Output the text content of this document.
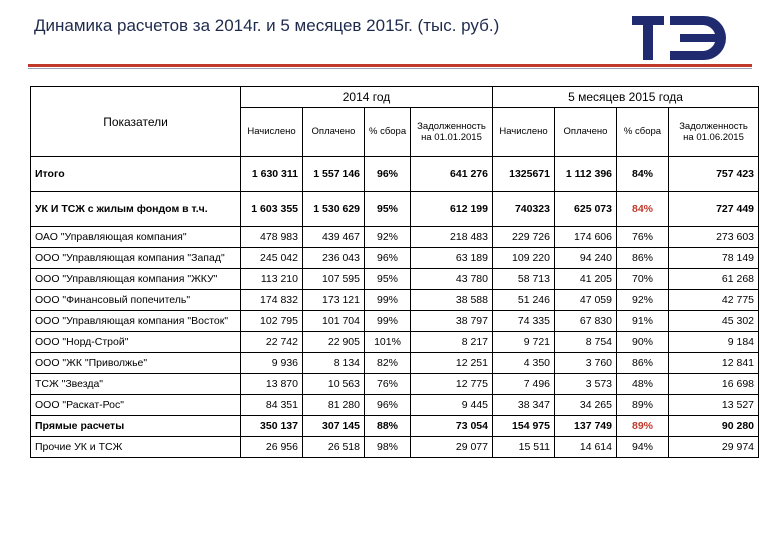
Динамика расчетов за 2014г. и 5 месяцев 2015г. (тыс. руб.)
Показатели	2014 год				5 месяцев 2015 года			
	Начислено	Оплачено	% сбора	Задолженность на 01.01.2015	Начислено	Оплачено	% сбора	Задолженность на 01.06.2015
Итого	1 630 311	1 557 146	96%	641 276	1325671	1 112 396	84%	757 423
УК И ТСЖ с жилым фондом в т.ч.	1 603 355	1 530 629	95%	612 199	740323	625 073	84%	727 449
ОАО "Управляющая компания"	478 983	439 467	92%	218 483	229 726	174 606	76%	273 603
ООО "Управляющая компания "Запад"	245 042	236 043	96%	63 189	109 220	94 240	86%	78 149
ООО "Управляющая компания "ЖКУ"	113 210	107 595	95%	43 780	58 713	41 205	70%	61 268
ООО "Финансовый попечитель"	174 832	173 121	99%	38 588	51 246	47 059	92%	42 775
ООО "Управляющая компания "Восток"	102 795	101 704	99%	38 797	74 335	67 830	91%	45 302
ООО "Норд-Строй"	22 742	22 905	101%	8 217	9 721	8 754	90%	9 184
ООО "ЖК "Приволжье"	9 936	8 134	82%	12 251	4 350	3 760	86%	12 841
ТСЖ "Звезда"	13 870	10 563	76%	12 775	7 496	3 573	48%	16 698
ООО "Раскат-Рос"	84 351	81 280	96%	9 445	38 347	34 265	89%	13 527
Прямые расчеты	350 137	307 145	88%	73 054	154 975	137 749	89%	90 280
Прочие УК и ТСЖ	26 956	26 518	98%	29 077	15 511	14 614	94%	29 974
